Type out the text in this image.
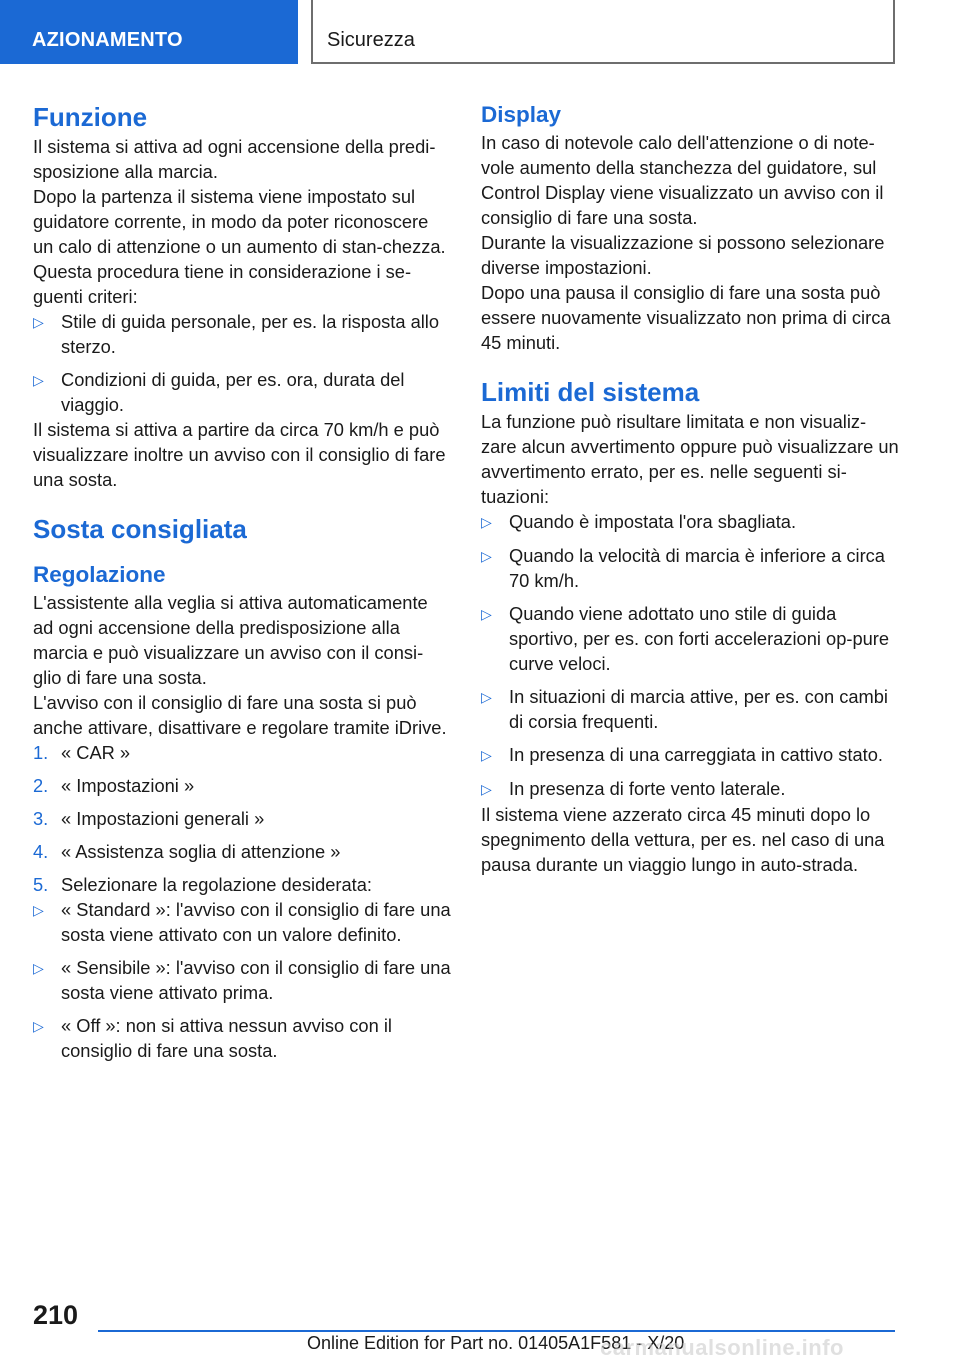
AZIONAMENTO	Sicurezza
Funzione

Il sistema si attiva ad ogni accensione della predi-sposizione alla marcia.

Dopo la partenza il sistema viene impostato sul guidatore corrente, in modo da poter riconoscere un calo di attenzione o un aumento di stan-chezza.

Questa procedura tiene in considerazione i se-guenti criteri:

▷ Stile di guida personale, per es. la risposta allo sterzo.
▷ Condizioni di guida, per es. ora, durata del viaggio.

Il sistema si attiva a partire da circa 70 km/h e può visualizzare inoltre un avviso con il consiglio di fare una sosta.

Sosta consigliata
Regolazione

L'assistente alla veglia si attiva automaticamente ad ogni accensione della predisposizione alla marcia e può visualizzare un avviso con il consi-glio di fare una sosta.

L'avviso con il consiglio di fare una sosta si può anche attivare, disattivare e regolare tramite iDrive.

1. « CAR »
2. « Impostazioni »
3. « Impostazioni generali »
4. « Assistenza soglia di attenzione »
5. Selezionare la regolazione desiderata:
▷ « Standard »: l'avviso con il consiglio di fare una sosta viene attivato con un valore definito.
▷ « Sensibile »: l'avviso con il consiglio di fare una sosta viene attivato prima.
▷ « Off »: non si attiva nessun avviso con il consiglio di fare una sosta.
Display

In caso di notevole calo dell'attenzione o di note-vole aumento della stanchezza del guidatore, sul Control Display viene visualizzato un avviso con il consiglio di fare una sosta.

Durante la visualizzazione si possono selezionare diverse impostazioni.

Dopo una pausa il consiglio di fare una sosta può essere nuovamente visualizzato non prima di circa 45 minuti.

Limiti del sistema

La funzione può risultare limitata e non visualiz-zare alcun avvertimento oppure può visualizzare un avvertimento errato, per es. nelle seguenti si-tuazioni:

▷ Quando è impostata l'ora sbagliata.
▷ Quando la velocità di marcia è inferiore a circa 70 km/h.
▷ Quando viene adottato uno stile di guida sportivo, per es. con forti accelerazioni op-pure curve veloci.
▷ In situazioni di marcia attive, per es. con cambi di corsia frequenti.
▷ In presenza di una carreggiata in cattivo stato.
▷ In presenza di forte vento laterale.

Il sistema viene azzerato circa 45 minuti dopo lo spegnimento della vettura, per es. nel caso di una pausa durante un viaggio lungo in auto-strada.

210
Online Edition for Part no. 01405A1F581 - X/20
carmanualsonline.info
